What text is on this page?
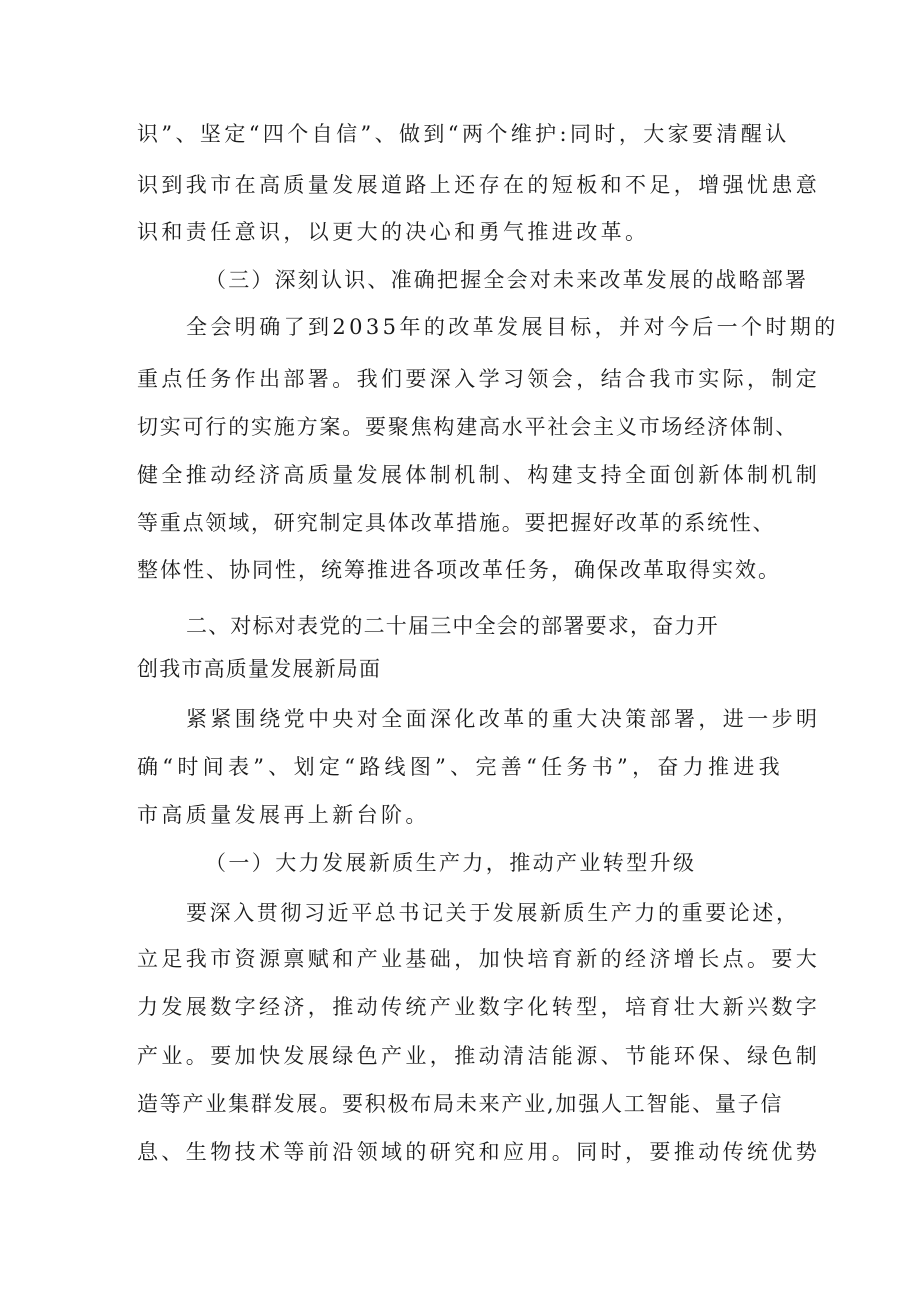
识”、坚定“四个自信”、做到“两个维护:同时，大家要清醒认
识到我市在高质量发展道路上还存在的短板和不足，增强忧患意
识和责任意识，以更大的决心和勇气推进改革。
（三）深刻认识、准确把握全会对未来改革发展的战略部署
全会明确了到2035年的改革发展目标，并对今后一个时期的
重点任务作出部署。我们要深入学习领会，结合我市实际，制定
切实可行的实施方案。要聚焦构建高水平社会主义市场经济体制、
健全推动经济高质量发展体制机制、构建支持全面创新体制机制
等重点领域，研究制定具体改革措施。要把握好改革的系统性、
整体性、协同性，统筹推进各项改革任务，确保改革取得实效。
二、对标对表党的二十届三中全会的部署要求，奋力开
创我市高质量发展新局面
紧紧围绕党中央对全面深化改革的重大决策部署，进一步明
确“时间表”、划定“路线图”、完善“任务书”，奋力推进我
市高质量发展再上新台阶。
（一）大力发展新质生产力，推动产业转型升级
要深入贯彻习近平总书记关于发展新质生产力的重要论述，
立足我市资源禀赋和产业基础，加快培育新的经济增长点。要大
力发展数字经济，推动传统产业数字化转型，培育壮大新兴数字
产业。要加快发展绿色产业，推动清洁能源、节能环保、绿色制
造等产业集群发展。要积极布局未来产业,加强人工智能、量子信
息、生物技术等前沿领域的研究和应用。同时，要推动传统优势
